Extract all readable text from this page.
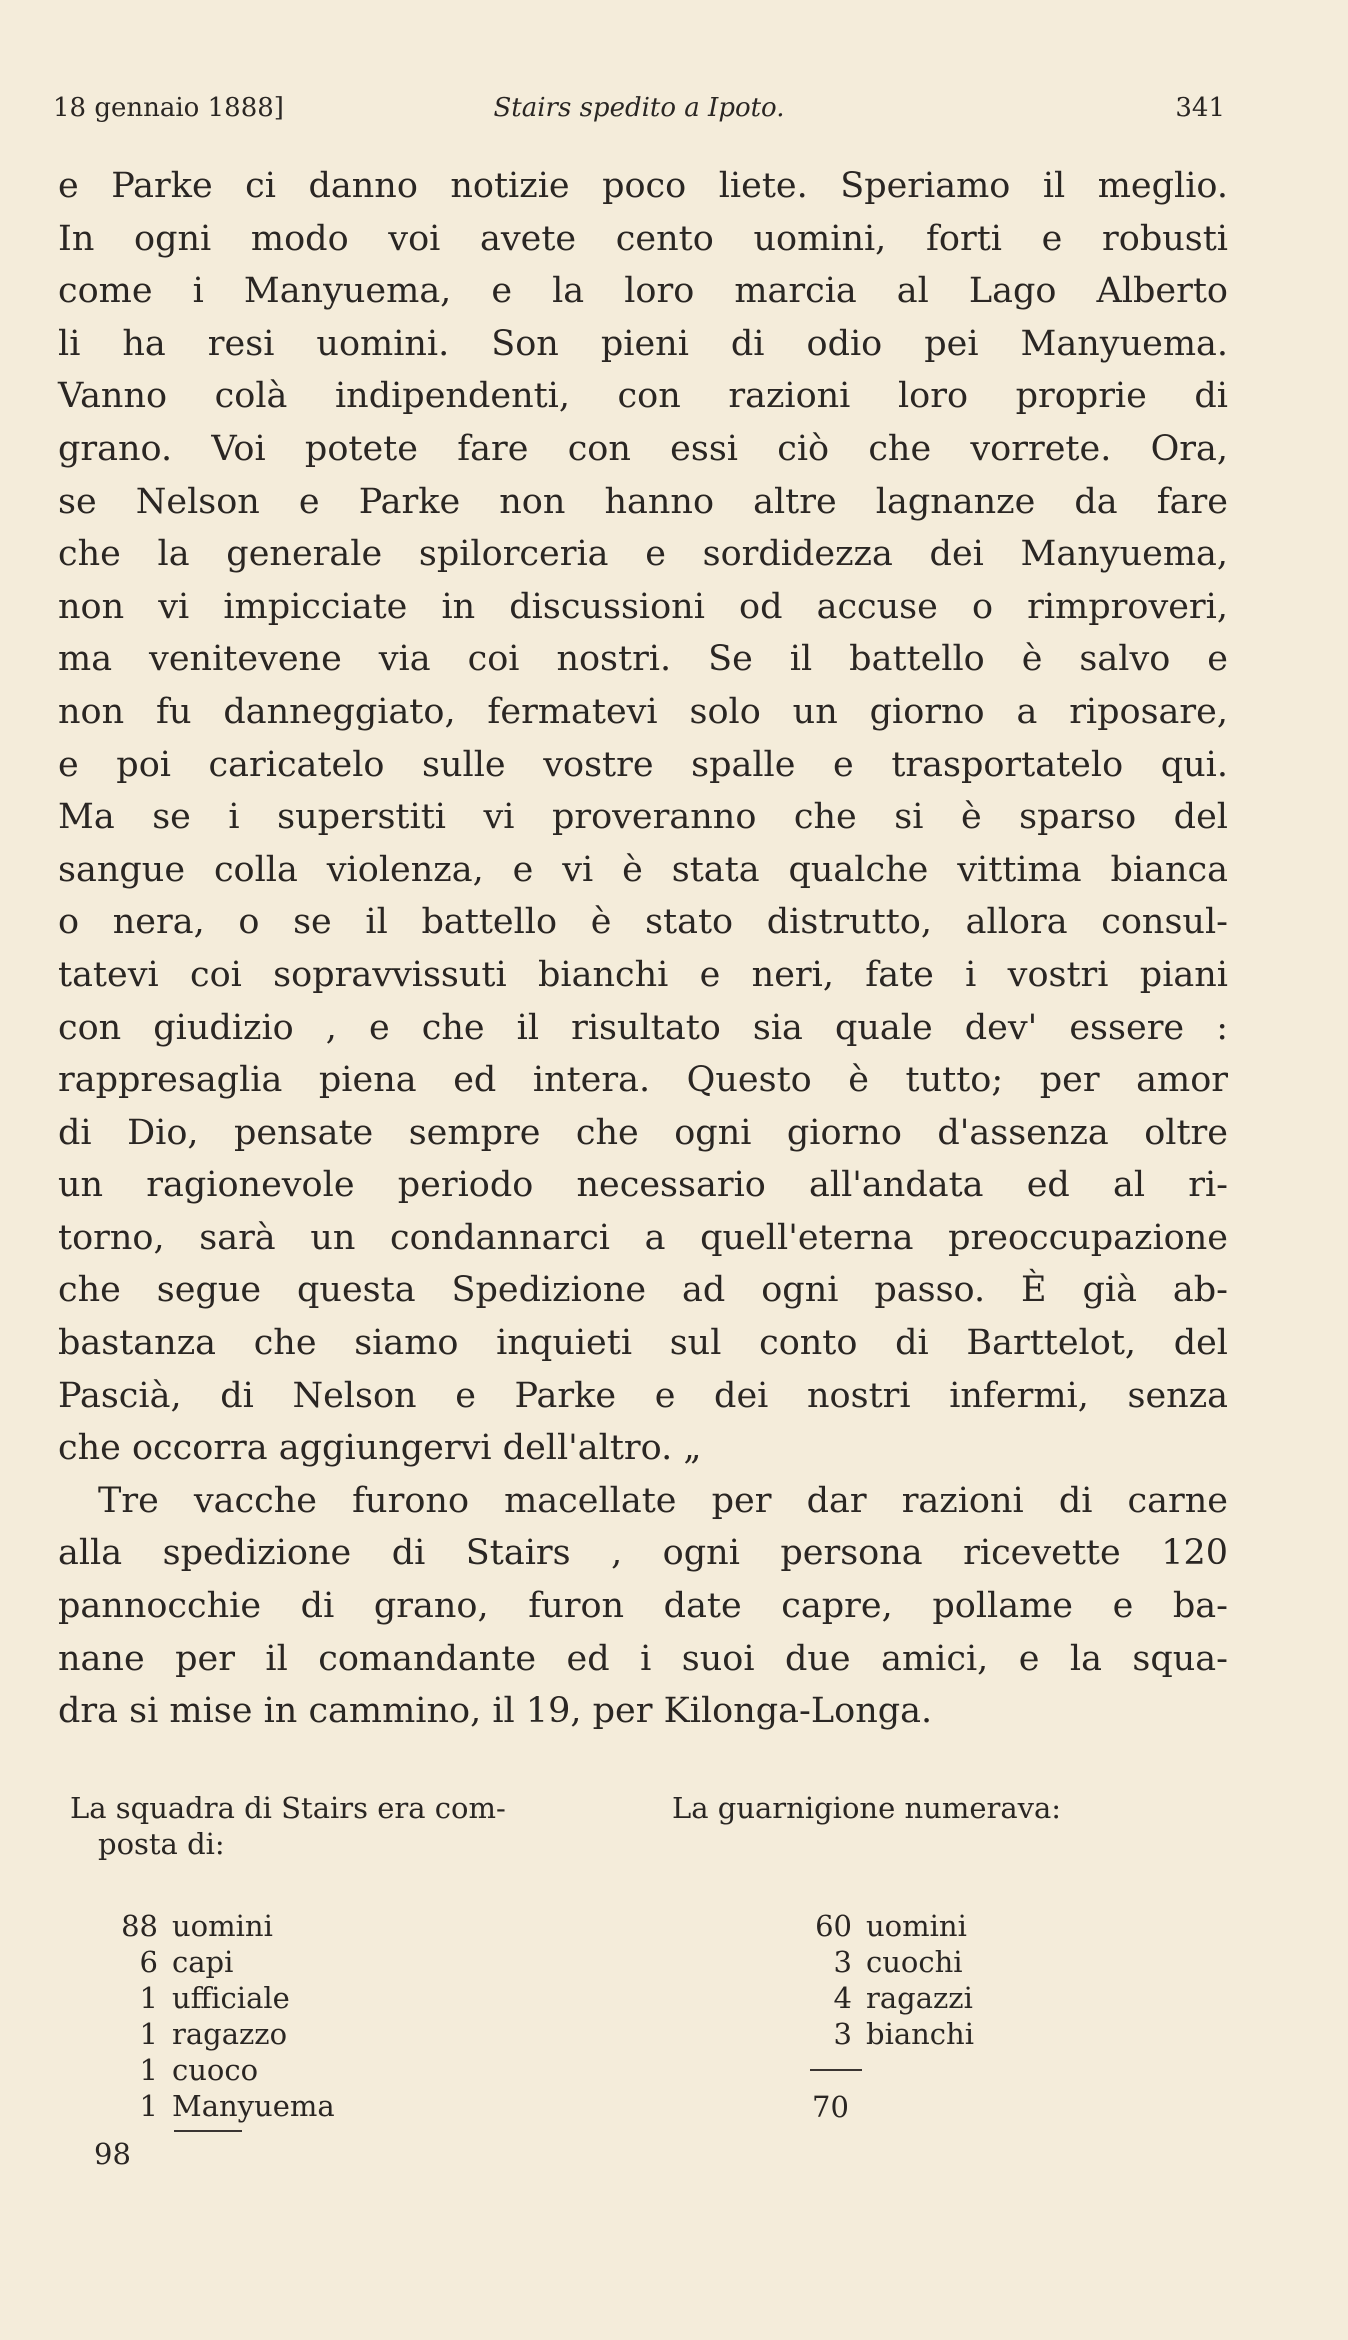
18 gennaio 1888]	Stairs spedito a Ipoto.	341
e Parke ci danno notizie poco liete. Speriamo il meglio.
In ogni modo voi avete cento uomini, forti e robusti
come i Manyuema, e la loro marcia al Lago Alberto
li ha resi uomini. Son pieni di odio pei Manyuema.
Vanno colà indipendenti, con razioni loro proprie di
grano. Voi potete fare con essi ciò che vorrete. Ora,
se Nelson e Parke non hanno altre lagnanze da fare
che la generale spilorceria e sordidezza dei Manyuema,
non vi impicciate in discussioni od accuse o rimproveri,
ma venitevene via coi nostri. Se il battello è salvo e
non fu danneggiato, fermatevi solo un giorno a riposare,
e poi caricatelo sulle vostre spalle e trasportatelo qui.
Ma se i superstiti vi proveranno che si è sparso del
sangue colla violenza, e vi è stata qualche vittima bianca
o nera, o se il battello è stato distrutto, allora consul-
tatevi coi sopravvissuti bianchi e neri, fate i vostri piani
con giudizio , e che il risultato sia quale dev' essere :
rappresaglia piena ed intera. Questo è tutto; per amor
di Dio, pensate sempre che ogni giorno d'assenza oltre
un ragionevole periodo necessario all'andata ed al ri-
torno, sarà un condannarci a quell'eterna preoccupazione
che segue questa Spedizione ad ogni passo. È già ab-
bastanza che siamo inquieti sul conto di Barttelot, del
Pascià, di Nelson e Parke e dei nostri infermi, senza
che occorra aggiungervi dell'altro. „
Tre vacche furono macellate per dar razioni di carne
alla spedizione di Stairs , ogni persona ricevette 120
pannocchie di grano, furon date capre, pollame e ba-
nane per il comandante ed i suoi due amici, e la squa-
dra si mise in cammino, il 19, per Kilonga-Longa.
La squadra di Stairs era com-
posta di:
88 uomini
6 capi
1 ufficiale
1 ragazzo
1 cuoco
1 Manyuema
98
La guarnigione numerava:
60 uomini
3 cuochi
4 ragazzi
3 bianchi
70
